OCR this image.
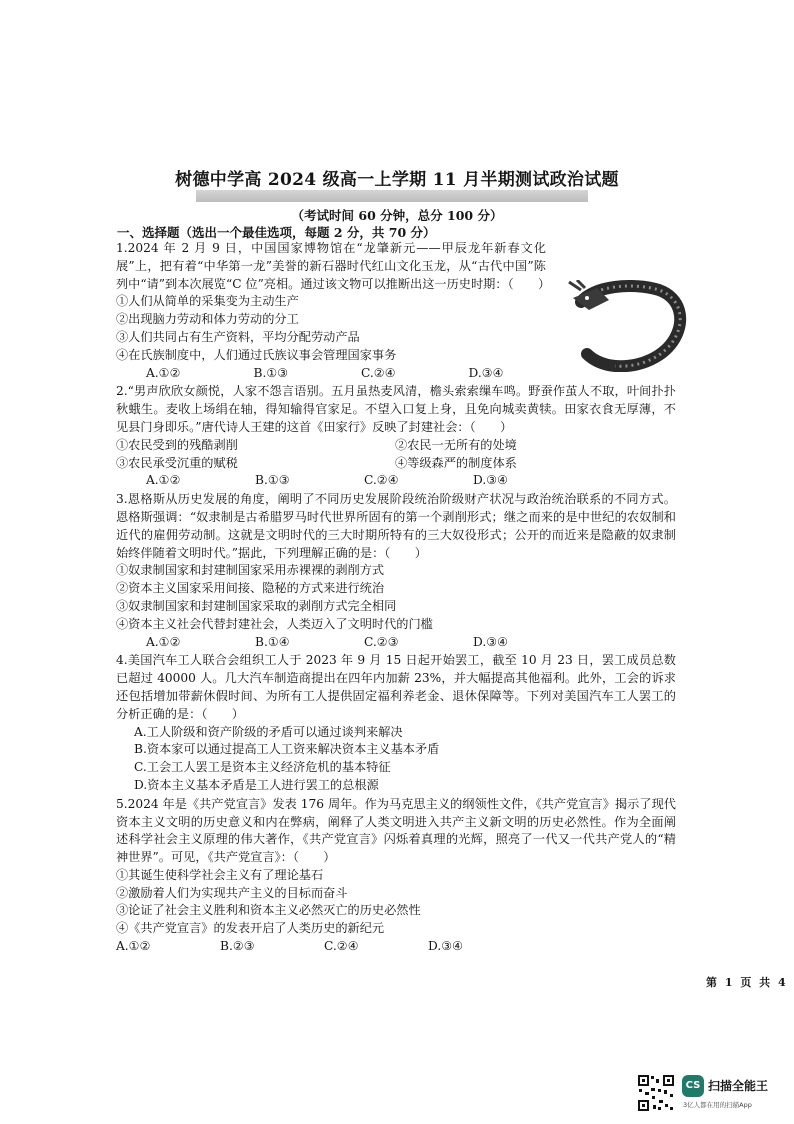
树德中学高 2024 级高一上学期 11 月半期测试政治试题

（考试时间 60 分钟，总分 100 分）

一、选择题（选出一个最佳选项，每题 2 分，共 70 分）

1.2024 年 2 月 9 日，中国国家博物馆在“龙肇新元——甲辰龙年新春文化展”上，把有着“中华第一龙”美誉的新石器时代红山文化玉龙，从“古代中国”陈列中“请”到本次展览“C 位”亮相。通过该文物可以推断出这一历史时期：（　　）

①人们从简单的采集变为主动生产

②出现脑力劳动和体力劳动的分工

③人们共同占有生产资料，平均分配劳动产品

④在氏族制度中，人们通过氏族议事会管理国家事务

A.①②	B.①③	C.②④	D.③④

2.“男声欣欣女颜悦，人家不怨言语别。五月虽热麦风清，檐头索索缫车鸣。野蚕作茧人不取，叶间扑扑秋蛾生。麦收上场绢在轴，得知输得官家足。不望入口复上身，且免向城卖黄犊。田家衣食无厚薄，不见县门身即乐。”唐代诗人王建的这首《田家行》反映了封建社会：（　　）

①农民受到的残酷剥削	②农民一无所有的处境

③农民承受沉重的赋税	④等级森严的制度体系

A.①②	B.①③	C.②④	D.③④

3.恩格斯从历史发展的角度，阐明了不同历史发展阶段统治阶级财产状况与政治统治联系的不同方式。恩格斯强调：“奴隶制是古希腊罗马时代世界所固有的第一个剥削形式；继之而来的是中世纪的农奴制和近代的雇佣劳动制。这就是文明时代的三大时期所特有的三大奴役形式；公开的而近来是隐蔽的奴隶制始终伴随着文明时代。”据此，下列理解正确的是：（　　）

①奴隶制国家和封建制国家采用赤裸裸的剥削方式

②资本主义国家采用间接、隐秘的方式来进行统治

③奴隶制国家和封建制国家采取的剥削方式完全相同

④资本主义社会代替封建社会，人类迈入了文明时代的门槛

A.①②	B.①④	C.②③	D.③④

4.美国汽车工人联合会组织工人于 2023 年 9 月 15 日起开始罢工，截至 10 月 23 日，罢工成员总数已超过 40000 人。几大汽车制造商提出在四年内加薪 23%，并大幅提高其他福利。此外，工会的诉求还包括增加带薪休假时间、为所有工人提供固定福利养老金、退休保障等。下列对美国汽车工人罢工的分析正确的是：（　　）

A.工人阶级和资产阶级的矛盾可以通过谈判来解决

B.资本家可以通过提高工人工资来解决资本主义基本矛盾

C.工会工人罢工是资本主义经济危机的基本特征

D.资本主义基本矛盾是工人进行罢工的总根源

5.2024 年是《共产党宣言》发表 176 周年。作为马克思主义的纲领性文件，《共产党宣言》揭示了现代资本主义文明的历史意义和内在弊病，阐释了人类文明进入共产主义新文明的历史必然性。作为全面阐述科学社会主义原理的伟大著作，《共产党宣言》闪烁着真理的光辉，照亮了一代又一代共产党人的“精神世界”。可见，《共产党宣言》：（　　）

①其诞生使科学社会主义有了理论基石

②激励着人们为实现共产主义的目标而奋斗

③论证了社会主义胜利和资本主义必然灭亡的历史必然性

④《共产党宣言》的发表开启了人类历史的新纪元

A.①②	B.②③	C.②④	D.③④
第 1 页 共 4
CS 扫描全能王
3亿人都在用的扫描App
